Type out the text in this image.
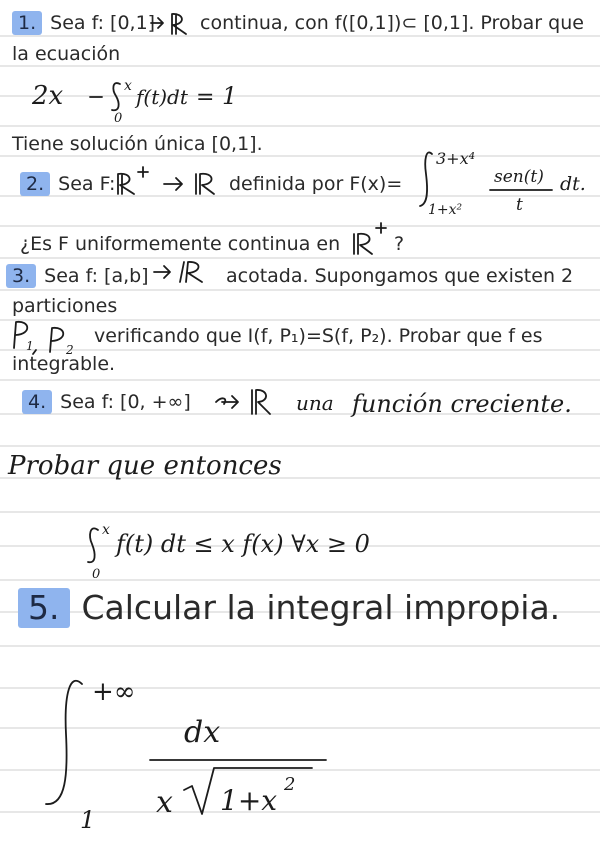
1. Sea f: [0,1] continua, con f([0,1])⊂ [0,1]. Probar que
la ecuación
2x	x
0
f(t)dt = 1
Tiene solución única [0,1].
2. Sea F:	definida por F(x)=
3+x⁴
1+x²
sen(t)
t
dt.
¿Es F uniformemente continua en	?
3. Sea f: [a,b]	acotada. Supongamos que existen 2
particiones
1	2
verificando que I(f, P₁)=S(f, P₂). Probar que f es
integrable.
4. Sea f: [0, +∞]	una función creciente.
Probar que entonces
x
0
f(t) dt ≤ x f(x) ∀x ≥ 0
5. Calcular la integral impropia.
+∞
1
dx
x 1+x 2
